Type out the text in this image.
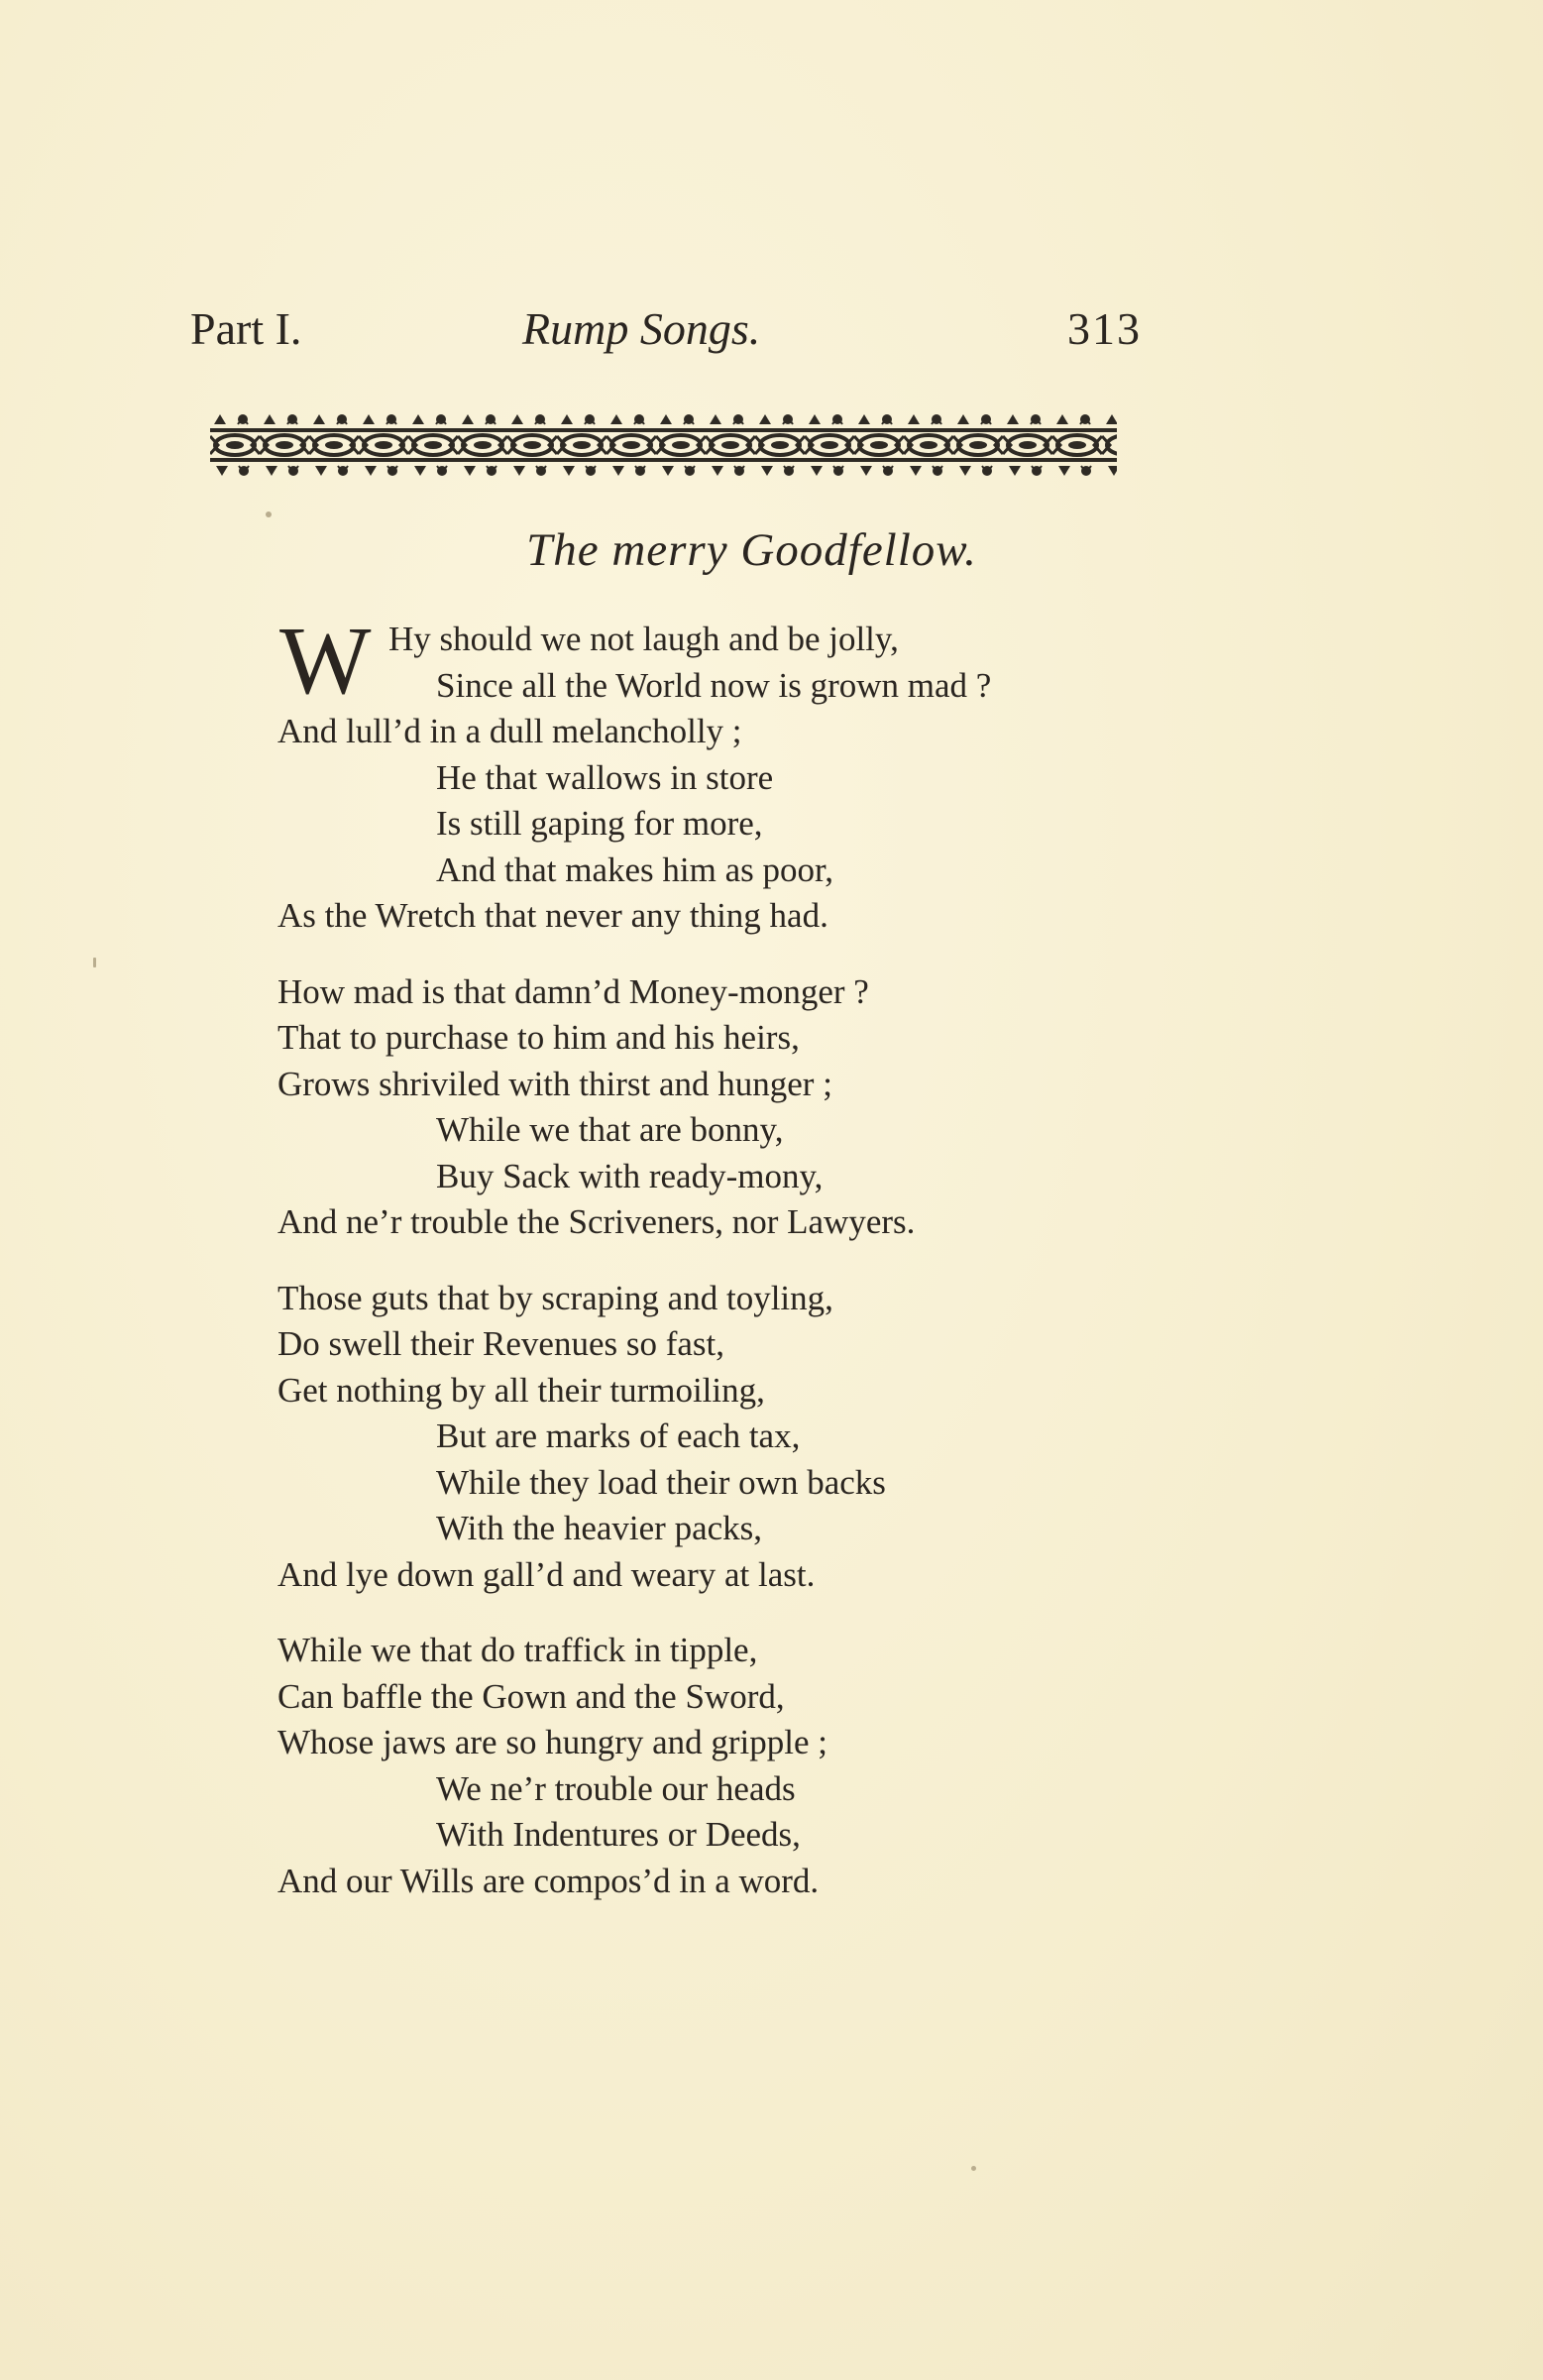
Part I.	Rump Songs.	313
The merry Goodfellow.
W Hy should we not laugh and be jolly,
Since all the World now is grown mad ?
And lull’d in a dull melancholly ;
He that wallows in store
Is still gaping for more,
And that makes him as poor,
As the Wretch that never any thing had.
How mad is that damn’d Money-monger ?
That to purchase to him and his heirs,
Grows shriviled with thirst and hunger ;
While we that are bonny,
Buy Sack with ready-mony,
And ne’r trouble the Scriveners, nor Lawyers.
Those guts that by scraping and toyling,
Do swell their Revenues so fast,
Get nothing by all their turmoiling,
But are marks of each tax,
While they load their own backs
With the heavier packs,
And lye down gall’d and weary at last.
While we that do traffick in tipple,
Can baffle the Gown and the Sword,
Whose jaws are so hungry and gripple ;
We ne’r trouble our heads
With Indentures or Deeds,
And our Wills are compos’d in a word.
